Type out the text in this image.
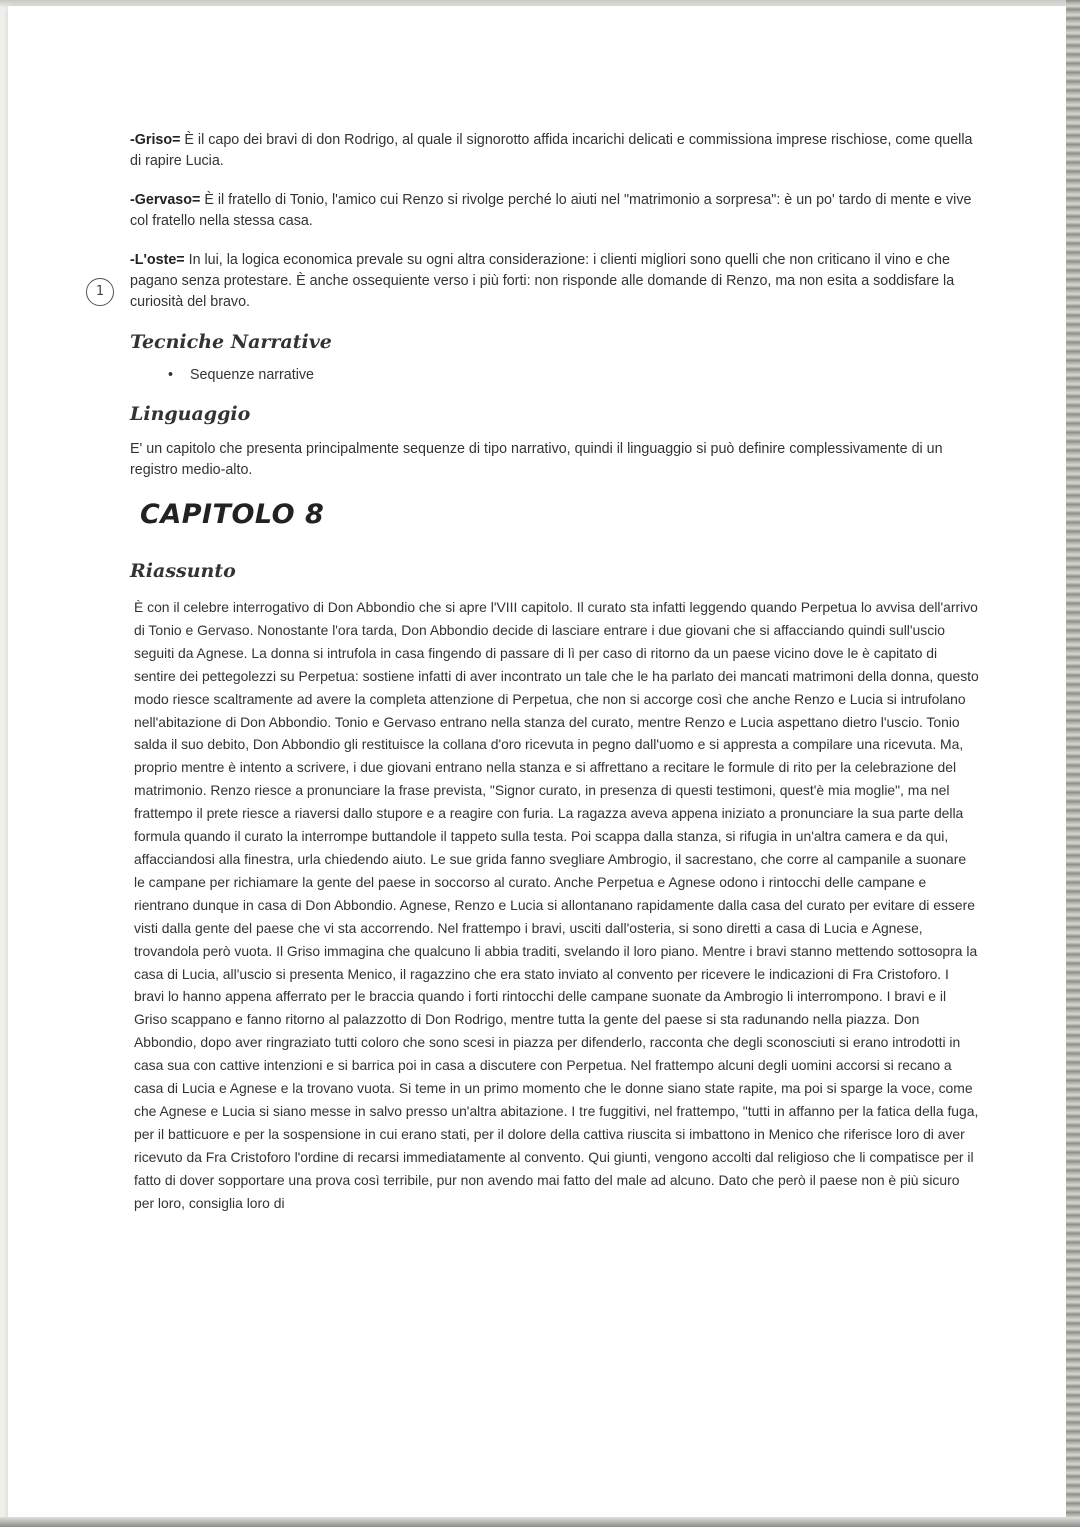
1

-Griso= È il capo dei bravi di don Rodrigo, al quale il signorotto affida incarichi delicati e commissiona imprese rischiose, come quella di rapire Lucia.

-Gervaso= È il fratello di Tonio, l'amico cui Renzo si rivolge perché lo aiuti nel "matrimonio a sorpresa": è un po' tardo di mente e vive col fratello nella stessa casa.

-L'oste= In lui, la logica economica prevale su ogni altra considerazione: i clienti migliori sono quelli che non criticano il vino e che pagano senza protestare. È anche ossequiente verso i più forti: non risponde alle domande di Renzo, ma non esita a soddisfare la curiosità del bravo.

Tecniche Narrative
• Sequenze narrative
Linguaggio

E' un capitolo che presenta principalmente sequenze di tipo narrativo, quindi il linguaggio si può definire complessivamente di un registro medio-alto.

CAPITOLO 8
Riassunto

È con il celebre interrogativo di Don Abbondio che si apre l'VIII capitolo. Il curato sta infatti leggendo quando Perpetua lo avvisa dell'arrivo di Tonio e Gervaso. Nonostante l'ora tarda, Don Abbondio decide di lasciare entrare i due giovani che si affacciando quindi sull'uscio seguiti da Agnese. La donna si intrufola in casa fingendo di passare di lì per caso di ritorno da un paese vicino dove le è capitato di sentire dei pettegolezzi su Perpetua: sostiene infatti di aver incontrato un tale che le ha parlato dei mancati matrimoni della donna, questo modo riesce scaltramente ad avere la completa attenzione di Perpetua, che non si accorge così che anche Renzo e Lucia si intrufolano nell'abitazione di Don Abbondio. Tonio e Gervaso entrano nella stanza del curato, mentre Renzo e Lucia aspettano dietro l'uscio. Tonio salda il suo debito, Don Abbondio gli restituisce la collana d'oro ricevuta in pegno dall'uomo e si appresta a compilare una ricevuta. Ma, proprio mentre è intento a scrivere, i due giovani entrano nella stanza e si affrettano a recitare le formule di rito per la celebrazione del matrimonio. Renzo riesce a pronunciare la frase prevista, "Signor curato, in presenza di questi testimoni, quest'è mia moglie", ma nel frattempo il prete riesce a riaversi dallo stupore e a reagire con furia. La ragazza aveva appena iniziato a pronunciare la sua parte della formula quando il curato la interrompe buttandole il tappeto sulla testa. Poi scappa dalla stanza, si rifugia in un'altra camera e da qui, affacciandosi alla finestra, urla chiedendo aiuto. Le sue grida fanno svegliare Ambrogio, il sacrestano, che corre al campanile a suonare le campane per richiamare la gente del paese in soccorso al curato. Anche Perpetua e Agnese odono i rintocchi delle campane e rientrano dunque in casa di Don Abbondio. Agnese, Renzo e Lucia si allontanano rapidamente dalla casa del curato per evitare di essere visti dalla gente del paese che vi sta accorrendo. Nel frattempo i bravi, usciti dall'osteria, si sono diretti a casa di Lucia e Agnese, trovandola però vuota. Il Griso immagina che qualcuno li abbia traditi, svelando il loro piano. Mentre i bravi stanno mettendo sottosopra la casa di Lucia, all'uscio si presenta Menico, il ragazzino che era stato inviato al convento per ricevere le indicazioni di Fra Cristoforo. I bravi lo hanno appena afferrato per le braccia quando i forti rintocchi delle campane suonate da Ambrogio li interrompono. I bravi e il Griso scappano e fanno ritorno al palazzotto di Don Rodrigo, mentre tutta la gente del paese si sta radunando nella piazza. Don Abbondio, dopo aver ringraziato tutti coloro che sono scesi in piazza per difenderlo, racconta che degli sconosciuti si erano introdotti in casa sua con cattive intenzioni e si barrica poi in casa a discutere con Perpetua. Nel frattempo alcuni degli uomini accorsi si recano a casa di Lucia e Agnese e la trovano vuota. Si teme in un primo momento che le donne siano state rapite, ma poi si sparge la voce, come che Agnese e Lucia si siano messe in salvo presso un'altra abitazione. I tre fuggitivi, nel frattempo, "tutti in affanno per la fatica della fuga, per il batticuore e per la sospensione in cui erano stati, per il dolore della cattiva riuscita si imbattono in Menico che riferisce loro di aver ricevuto da Fra Cristoforo l'ordine di recarsi immediatamente al convento. Qui giunti, vengono accolti dal religioso che li compatisce per il fatto di dover sopportare una prova così terribile, pur non avendo mai fatto del male ad alcuno. Dato che però il paese non è più sicuro per loro, consiglia loro di
